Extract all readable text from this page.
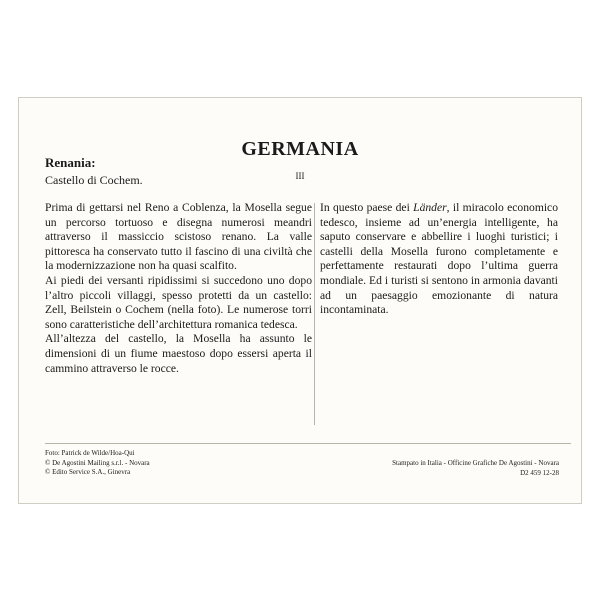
GERMANIA
Renania:
Castello di Cochem.	III

Prima di gettarsi nel Reno a Coblenza, la Mosella segue un percorso tortuoso e disegna numerosi meandri attraverso il massiccio scistoso renano. La valle pittoresca ha conservato tutto il fascino di una civiltà che la modernizzazione non ha quasi scalfito.

Ai piedi dei versanti ripidissimi si succedono uno dopo l’altro piccoli villaggi, spesso protetti da un castello: Zell, Beilstein o Cochem (nella foto). Le numerose torri sono caratteristiche dell’architettura romanica tedesca.

All’altezza del castello, la Mosella ha assunto le dimensioni di un fiume maestoso dopo essersi aperta il cammino attraverso le rocce.

In questo paese dei Länder, il miracolo economico tedesco, insieme ad un’energia intelligente, ha saputo conservare e abbellire i luoghi turistici; i castelli della Mosella furono completamente e perfettamente restaurati dopo l’ultima guerra mondiale. Ed i turisti si sentono in armonia davanti ad un paesaggio emozionante di natura incontaminata.

Foto: Patrick de Wilde/Hoa-Qui
© De Agostini Mailing s.r.l. - Novara
© Edito Service S.A., Ginevra
Stampato in Italia - Officine Grafiche De Agostini - Novara
D2 459 12-28
